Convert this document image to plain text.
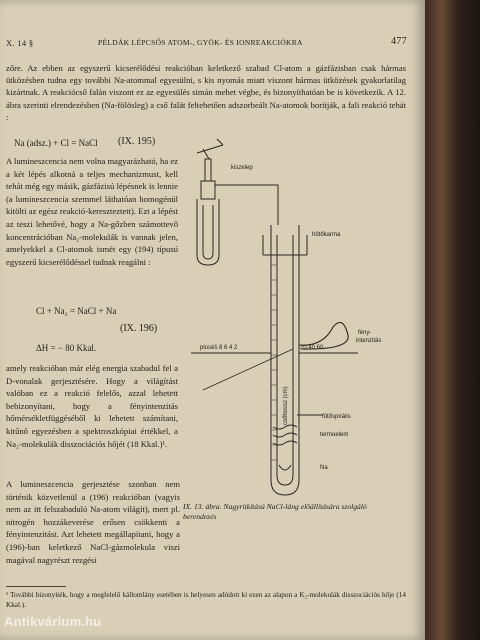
X. 14 §	PÉLDÁK LÉPCSŐS ATOM-, GYÖK- ÉS IONREAKCIÓKRA	477
zőre. Az ebben az egyszerű kicserélődési reakcióban keletkező szabad Cl-atom a gázfázisban csak hármas ütközésben tudna egy további Na-atommal egyesülni, s kis nyomás miatt viszont hármas ütközések gyakorlatilag kizártnak. A reakciócső falán viszont ez az egyesülés simán mehet végbe, és bizonyíthatóan be is következik. A 12. ábra szerinti elrendezésben (Na-fölösleg) a cső falát feltehetően adszorbeált Na-atomok borítják, a fali reakció tehát :
Na (adsz.) + Cl = NaCl (IX. 195)
A lumineszcencia nem volna magyarázható, ha ez a két lépés alkotná a teljes mechanizmust, kell tehát még egy másik, gázfázisú lépésnek is lennie (a lumineszcencia szemmel láthatóan homogénül kitölti az egész reakció-kereszteztett). Ezt a lépést az teszi lehetővé, hogy a Na-gőzben számottevő koncentrációban Na₂-molekulák is vannak jelen, amelyekkel a Cl-atomok ismét egy (194) típusú egyszerű kicserélődéssel tudnak reagálni :
Cl + Na₂ = NaCl + Na
(IX. 196)
ΔH = − 80 Kkal.
amely reakcióban már elég energia szabadul fel a D-vonalak gerjesztésére. Hogy a világítást valóban ez a reakció felelős, azzal lehetett bebizonyítani, hogy a fényintenzitás hőmérsékletfüggéséből ki lehetett számítani, kitűnő egyezésben a spektroszkópiai értékkel, a Na₂-molekulák disszociációs hőjét (18 Kkal.)¹.
A lumineszcencia gerjesztése szonban nem történik közvetlenül a (196) reakcióban (vagyis nem az itt felszabaduló Na-atom világít), mert pl. nitrogén hozzákeverése erősen csökkenti a fényintenzitást. Azt lehetett megállapítani, hogy a (196)-ban keletkező NaCl-gázmolekula viszi magával nagyrészt rezgési
kiszelep
hűtőkarma
ploséš 8 6 4 2	20 40 60
fény-
intenzitás
csőhossz (cm)	fűtőspirális
termoelem
Na
IX. 13. ábra. Nagyritkítású NaCl-láng előállítására szolgáló berendezés
¹ További bizonyíték, hogy a megfelelő kállomlány esetében is helyesen adódott ki ezen az alapon a K₂-molekulák disszociációs hője (14 Kkal.).
Antikvárium.hu
